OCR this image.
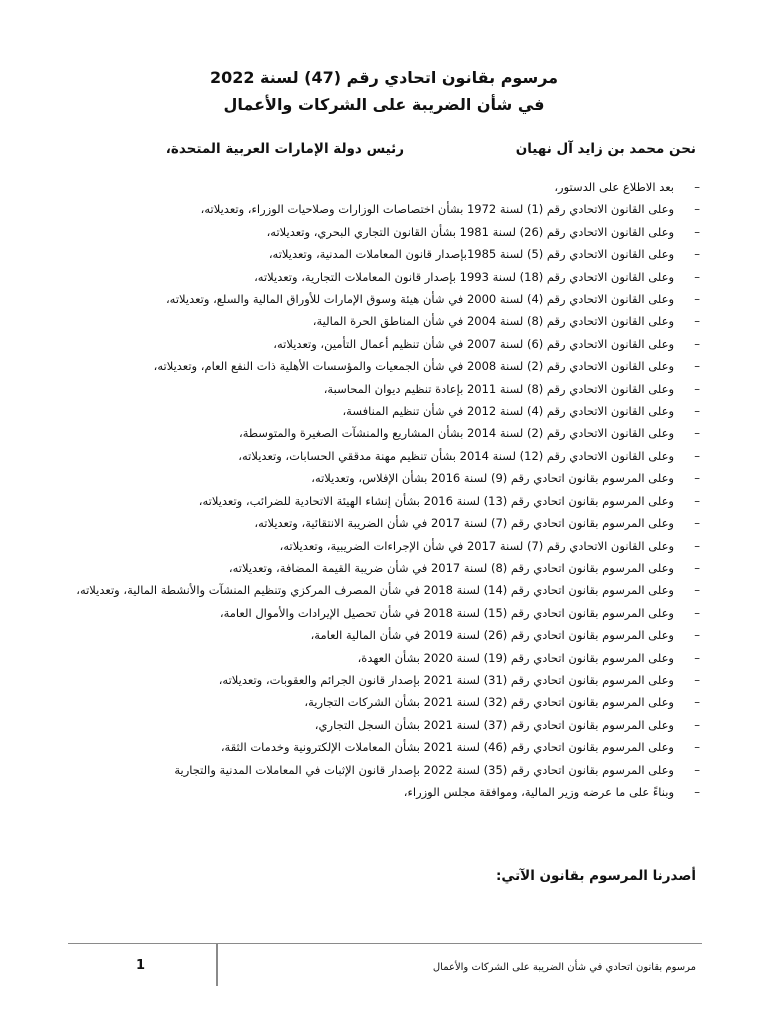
مرسوم بقانون اتحادي رقم (47) لسنة 2022
في شأن الضريبة على الشركات والأعمال
نحن محمد بن زايد آل نهيان
رئيس دولة الإمارات العربية المتحدة،
– بعد الاطلاع على الدستور،
– وعلى القانون الاتحادي رقم (1) لسنة 1972 بشأن اختصاصات الوزارات وصلاحيات الوزراء، وتعديلاته،
– وعلى القانون الاتحادي رقم (26) لسنة 1981 بشأن القانون التجاري البحري، وتعديلاته،
– وعلى القانون الاتحادي رقم (5) لسنة 1985بإصدار قانون المعاملات المدنية، وتعديلاته،
– وعلى القانون الاتحادي رقم (18) لسنة 1993 بإصدار قانون المعاملات التجارية، وتعديلاته،
– وعلى القانون الاتحادي رقم (4) لسنة 2000 في شأن هيئة وسوق الإمارات للأوراق المالية والسلع، وتعديلاته،
– وعلى القانون الاتحادي رقم (8) لسنة 2004 في شأن المناطق الحرة المالية،
– وعلى القانون الاتحادي رقم (6) لسنة 2007 في شأن تنظيم أعمال التأمين، وتعديلاته،
– وعلى القانون الاتحادي رقم (2) لسنة 2008 في شأن الجمعيات والمؤسسات الأهلية ذات النفع العام، وتعديلاته،
– وعلى القانون الاتحادي رقم (8) لسنة 2011 بإعادة تنظيم ديوان المحاسبة،
– وعلى القانون الاتحادي رقم (4) لسنة 2012 في شأن تنظيم المنافسة،
– وعلى القانون الاتحادي رقم (2) لسنة 2014 بشأن المشاريع والمنشآت الصغيرة والمتوسطة،
– وعلى القانون الاتحادي رقم (12) لسنة 2014 بشأن تنظيم مهنة مدققي الحسابات، وتعديلاته،
– وعلى المرسوم بقانون اتحادي رقم (9) لسنة 2016 بشأن الإفلاس، وتعديلاته،
– وعلى المرسوم بقانون اتحادي رقم (13) لسنة 2016 بشأن إنشاء الهيئة الاتحادية للضرائب، وتعديلاته،
– وعلى المرسوم بقانون اتحادي رقم (7) لسنة 2017 في شأن الضريبة الانتقائية، وتعديلاته،
– وعلى القانون الاتحادي رقم (7) لسنة 2017 في شأن الإجراءات الضريبية، وتعديلاته،
– وعلى المرسوم بقانون اتحادي رقم (8) لسنة 2017 في شأن ضريبة القيمة المضافة، وتعديلاته،
– وعلى المرسوم بقانون اتحادي رقم (14) لسنة 2018 في شأن المصرف المركزي وتنظيم المنشآت والأنشطة المالية، وتعديلاته،
– وعلى المرسوم بقانون اتحادي رقم (15) لسنة 2018 في شأن تحصيل الإيرادات والأموال العامة،
– وعلى المرسوم بقانون اتحادي رقم (26) لسنة 2019 في شأن المالية العامة،
– وعلى المرسوم بقانون اتحادي رقم (19) لسنة 2020 بشأن العهدة،
– وعلى المرسوم بقانون اتحادي رقم (31) لسنة 2021 بإصدار قانون الجرائم والعقوبات، وتعديلاته،
– وعلى المرسوم بقانون اتحادي رقم (32) لسنة 2021 بشأن الشركات التجارية،
– وعلى المرسوم بقانون اتحادي رقم (37) لسنة 2021 بشأن السجل التجاري،
– وعلى المرسوم بقانون اتحادي رقم (46) لسنة 2021 بشأن المعاملات الإلكترونية وخدمات الثقة،
– وعلى المرسوم بقانون اتحادي رقم (35) لسنة 2022 بإصدار قانون الإثبات في المعاملات المدنية والتجارية
– وبناءً على ما عرضه وزير المالية، وموافقة مجلس الوزراء،
أصدرنا المرسوم بقانون الآتي:
1	مرسوم بقانون اتحادي في شأن الضريبة على الشركات والأعمال
